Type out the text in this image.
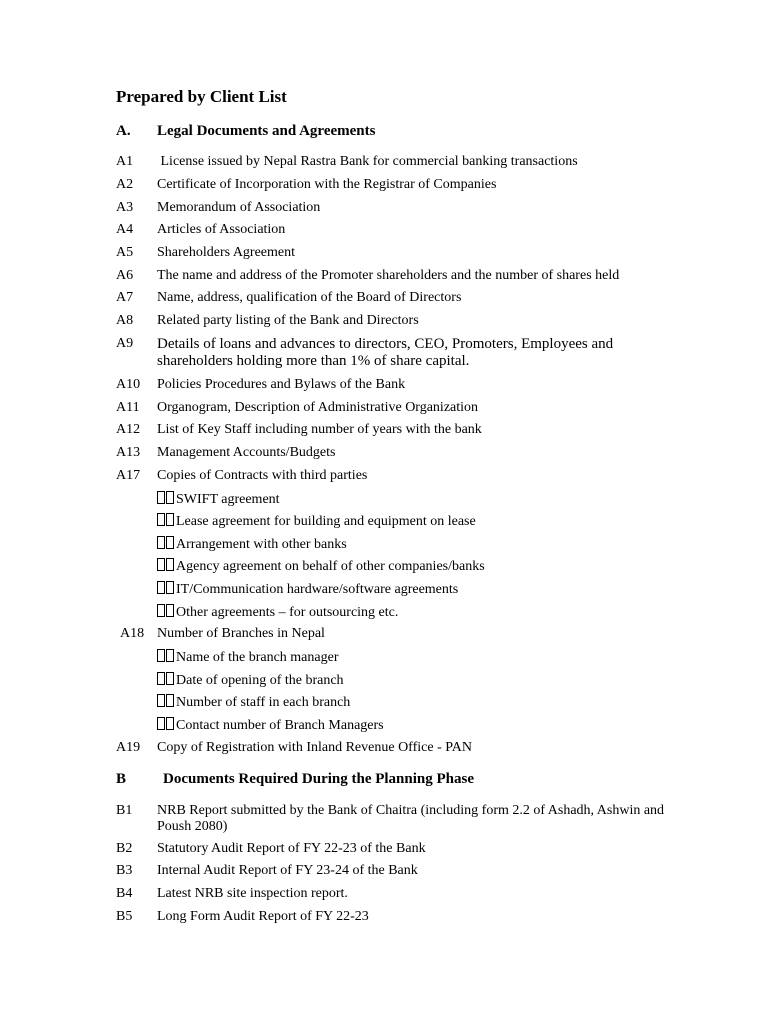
Prepared by Client List
A. Legal Documents and Agreements
A1 License issued by Nepal Rastra Bank for commercial banking transactions
A2 Certificate of Incorporation with the Registrar of Companies
A3 Memorandum of Association
A4 Articles of Association
A5 Shareholders Agreement
A6 The name and address of the Promoter shareholders and the number of shares held
A7 Name, address, qualification of the Board of Directors
A8 Related party listing of the Bank and Directors
A9 Details of loans and advances to directors, CEO, Promoters, Employees and shareholders holding more than 1% of share capital.
A10 Policies Procedures and Bylaws of the Bank
A11 Organogram, Description of Administrative Organization
A12 List of Key Staff including number of years with the bank
A13 Management Accounts/Budgets
A17 Copies of Contracts with third parties
SWIFT agreement
Lease agreement for building and equipment on lease
Arrangement with other banks
Agency agreement on behalf of other companies/banks
IT/Communication hardware/software agreements
Other agreements – for outsourcing etc.
A18 Number of Branches in Nepal
Name of the branch manager
Date of opening of the branch
Number of staff in each branch
Contact number of Branch Managers
A19 Copy of Registration with Inland Revenue Office - PAN
B Documents Required During the Planning Phase
B1 NRB Report submitted by the Bank of Chaitra (including form 2.2 of Ashadh, Ashwin and Poush 2080)
B2 Statutory Audit Report of FY 22-23 of the Bank
B3 Internal Audit Report of FY 23-24 of the Bank
B4 Latest NRB site inspection report.
B5 Long Form Audit Report of FY 22-23
